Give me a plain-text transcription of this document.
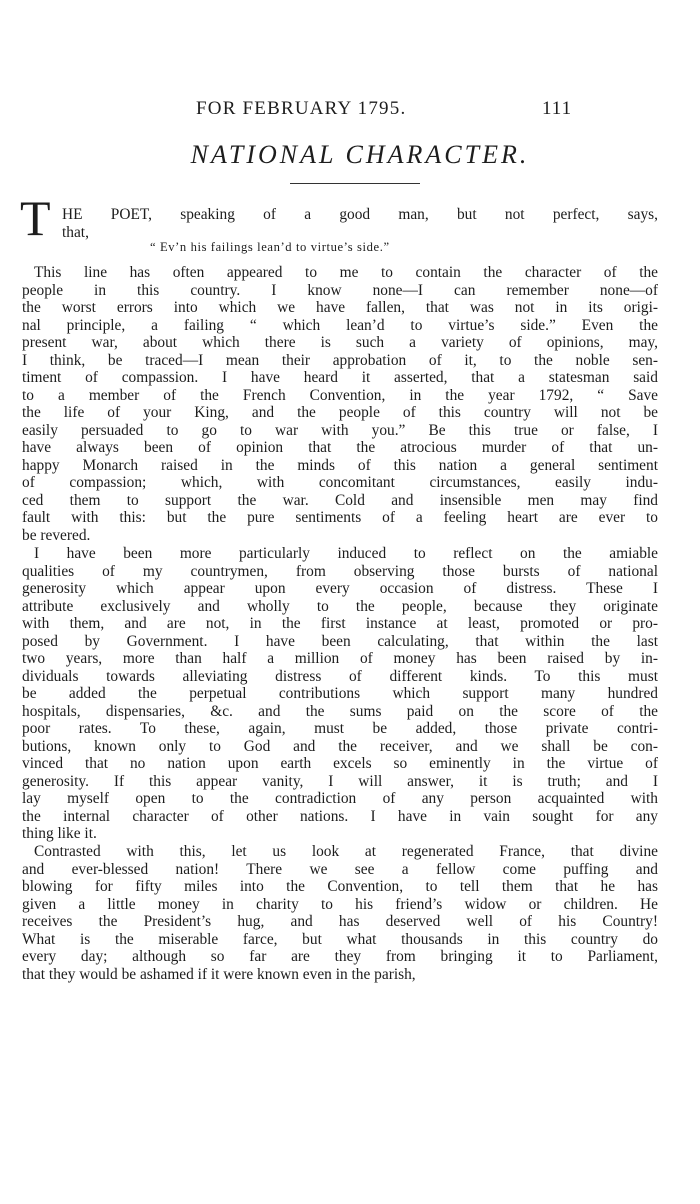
FOR FEBRUARY 1795.	111
NATIONAL CHARACTER.
T HE POET, speaking of a good man, but not perfect, says,
that,
“ Ev’n his failings lean’d to virtue’s side.”
This line has often appeared to me to contain the character of the
people in this country. I know none—I can remember none—of
the worst errors into which we have fallen, that was not in its origi-
nal principle, a failing “ which lean’d to virtue’s side.” Even the
present war, about which there is such a variety of opinions, may,
I think, be traced—I mean their approbation of it, to the noble sen-
timent of compassion. I have heard it asserted, that a statesman said
to a member of the French Convention, in the year 1792, “ Save
the life of your King, and the people of this country will not be
easily persuaded to go to war with you.” Be this true or false, I
have always been of opinion that the atrocious murder of that un-
happy Monarch raised in the minds of this nation a general sentiment
of compassion; which, with concomitant circumstances, easily indu-
ced them to support the war. Cold and insensible men may find
fault with this: but the pure sentiments of a feeling heart are ever to
be revered.
I have been more particularly induced to reflect on the amiable
qualities of my countrymen, from observing those bursts of national
generosity which appear upon every occasion of distress. These I
attribute exclusively and wholly to the people, because they originate
with them, and are not, in the first instance at least, promoted or pro-
posed by Government. I have been calculating, that within the last
two years, more than half a million of money has been raised by in-
dividuals towards alleviating distress of different kinds. To this must
be added the perpetual contributions which support many hundred
hospitals, dispensaries, &c. and the sums paid on the score of the
poor rates. To these, again, must be added, those private contri-
butions, known only to God and the receiver, and we shall be con-
vinced that no nation upon earth excels so eminently in the virtue of
generosity. If this appear vanity, I will answer, it is truth; and I
lay myself open to the contradiction of any person acquainted with
the internal character of other nations. I have in vain sought for any
thing like it.
Contrasted with this, let us look at regenerated France, that divine
and ever-blessed nation! There we see a fellow come puffing and
blowing for fifty miles into the Convention, to tell them that he has
given a little money in charity to his friend’s widow or children. He
receives the President’s hug, and has deserved well of his Country!
What is the miserable farce, but what thousands in this country do
every day; although so far are they from bringing it to Parliament,
that they would be ashamed if it were known even in the parish,
